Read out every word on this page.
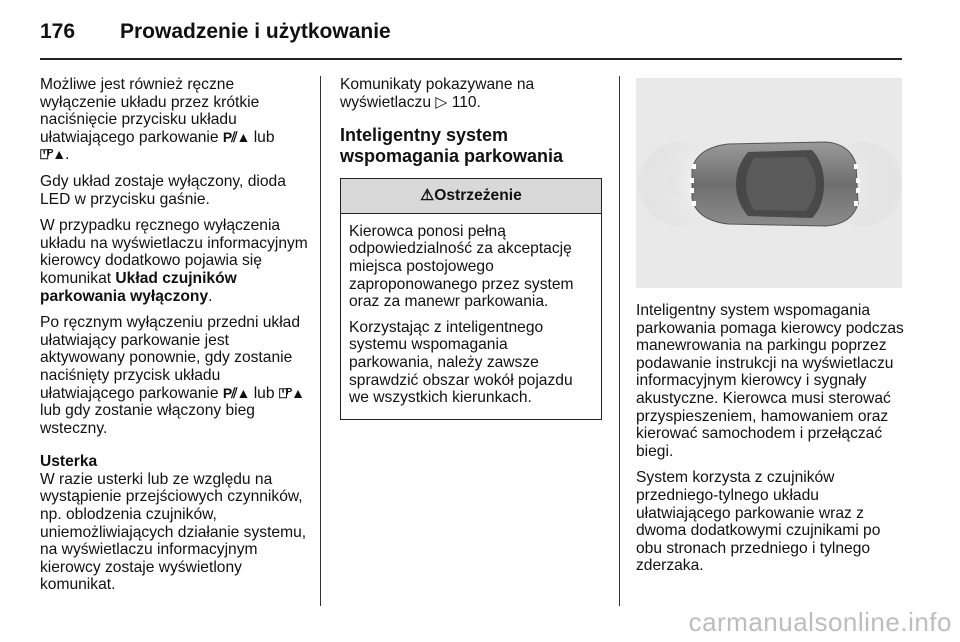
176 Prowadzenie i użytkowanie

Możliwe jest również ręczne wyłączenie układu przez krótkie naciśnięcie przycisku układu ułatwiającego parkowanie P⫽▲ lub ⍞ᴾ▲.

Gdy układ zostaje wyłączony, dioda LED w przycisku gaśnie.

W przypadku ręcznego wyłączenia układu na wyświetlaczu informacyjnym kierowcy dodatkowo pojawia się komunikat Układ czujników parkowania wyłączony.

Po ręcznym wyłączeniu przedni układ ułatwiający parkowanie jest aktywowany ponownie, gdy zostanie naciśnięty przycisk układu ułatwiającego parkowanie P⫽▲ lub ⍞ᴾ▲ lub gdy zostanie włączony bieg wsteczny.

Usterka

W razie usterki lub ze względu na wystąpienie przejściowych czynników, np. oblodzenia czujników, uniemożliwiających działanie systemu, na wyświetlaczu informacyjnym kierowcy zostaje wyświetlony komunikat.

Komunikaty pokazywane na wyświetlaczu ▷ 110.

Inteligentny system wspomagania parkowania
⚠Ostrzeżenie

Kierowca ponosi pełną odpowiedzialność za akceptację miejsca postojowego zaproponowanego przez system oraz za manewr parkowania.

Korzystając z inteligentnego systemu wspomagania parkowania, należy zawsze sprawdzić obszar wokół pojazdu we wszystkich kierunkach.

Inteligentny system wspomagania parkowania pomaga kierowcy podczas manewrowania na parkingu poprzez podawanie instrukcji na wyświetlaczu informacyjnym kierowcy i sygnały akustyczne. Kierowca musi sterować przyspieszeniem, hamowaniem oraz kierować samochodem i przełączać biegi.

System korzysta z czujników przedniego-tylnego układu ułatwiającego parkowanie wraz z dwoma dodatkowymi czujnikami po obu stronach przedniego i tylnego zderzaka.

carmanualsonline.info
